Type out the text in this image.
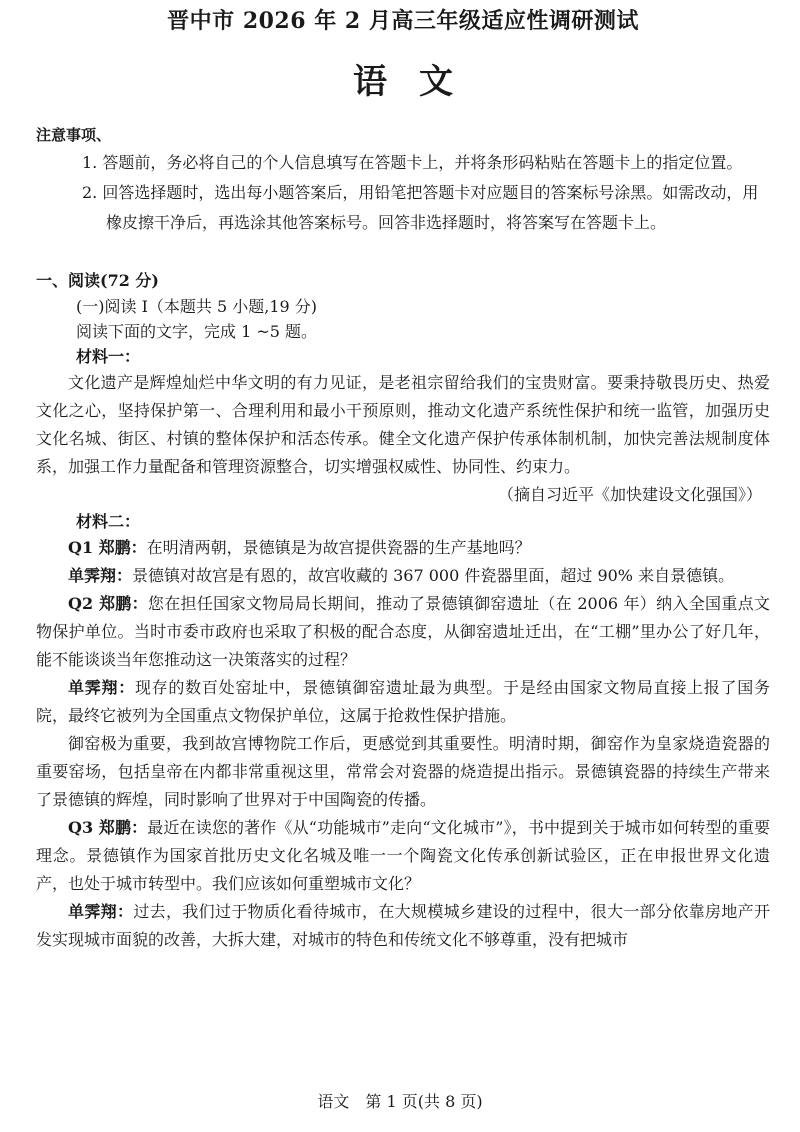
晋中市 2026 年 2 月高三年级适应性调研测试
语文
注意事项、

1. 答题前，务必将自己的个人信息填写在答题卡上，并将条形码粘贴在答题卡上的指定位置。

2. 回答选择题时，选出每小题答案后，用铅笔把答题卡对应题目的答案标号涂黑。如需改动，用橡皮擦干净后，再选涂其他答案标号。回答非选择题时，将答案写在答题卡上。

一、阅读(72 分)

(一)阅读 I（本题共 5 小题,19 分)

阅读下面的文字，完成 1 ~5 题。

材料一：

文化遗产是辉煌灿烂中华文明的有力见证，是老祖宗留给我们的宝贵财富。要秉持敬畏历史、热爱文化之心，坚持保护第一、合理利用和最小干预原则，推动文化遗产系统性保护和统一监管，加强历史文化名城、街区、村镇的整体保护和活态传承。健全文化遗产保护传承体制机制，加快完善法规制度体系，加强工作力量配备和管理资源整合，切实增强权威性、协同性、约束力。

（摘自习近平《加快建设文化强国》）

材料二：

Q1 郑鹏：在明清两朝，景德镇是为故宫提供瓷器的生产基地吗？

单霁翔：景德镇对故宫是有恩的，故宫收藏的 367 000 件瓷器里面，超过 90% 来自景德镇。

Q2 郑鹏：您在担任国家文物局局长期间，推动了景德镇御窑遗址（在 2006 年）纳入全国重点文物保护单位。当时市委市政府也采取了积极的配合态度，从御窑遗址迁出，在“工棚”里办公了好几年，能不能谈谈当年您推动这一决策落实的过程？

单霁翔：现存的数百处窑址中，景德镇御窑遗址最为典型。于是经由国家文物局直接上报了国务院，最终它被列为全国重点文物保护单位，这属于抢救性保护措施。

御窑极为重要，我到故宫博物院工作后，更感觉到其重要性。明清时期，御窑作为皇家烧造瓷器的重要窑场，包括皇帝在内都非常重视这里，常常会对瓷器的烧造提出指示。景德镇瓷器的持续生产带来了景德镇的辉煌，同时影响了世界对于中国陶瓷的传播。

Q3 郑鹏：最近在读您的著作《从“功能城市”走向“文化城市”》，书中提到关于城市如何转型的重要理念。景德镇作为国家首批历史文化名城及唯一一个陶瓷文化传承创新试验区，正在申报世界文化遗产，也处于城市转型中。我们应该如何重塑城市文化？

单霁翔：过去，我们过于物质化看待城市，在大规模城乡建设的过程中，很大一部分依靠房地产开发实现城市面貌的改善，大拆大建，对城市的特色和传统文化不够尊重，没有把城市

语文　第 1 页(共 8 页)
